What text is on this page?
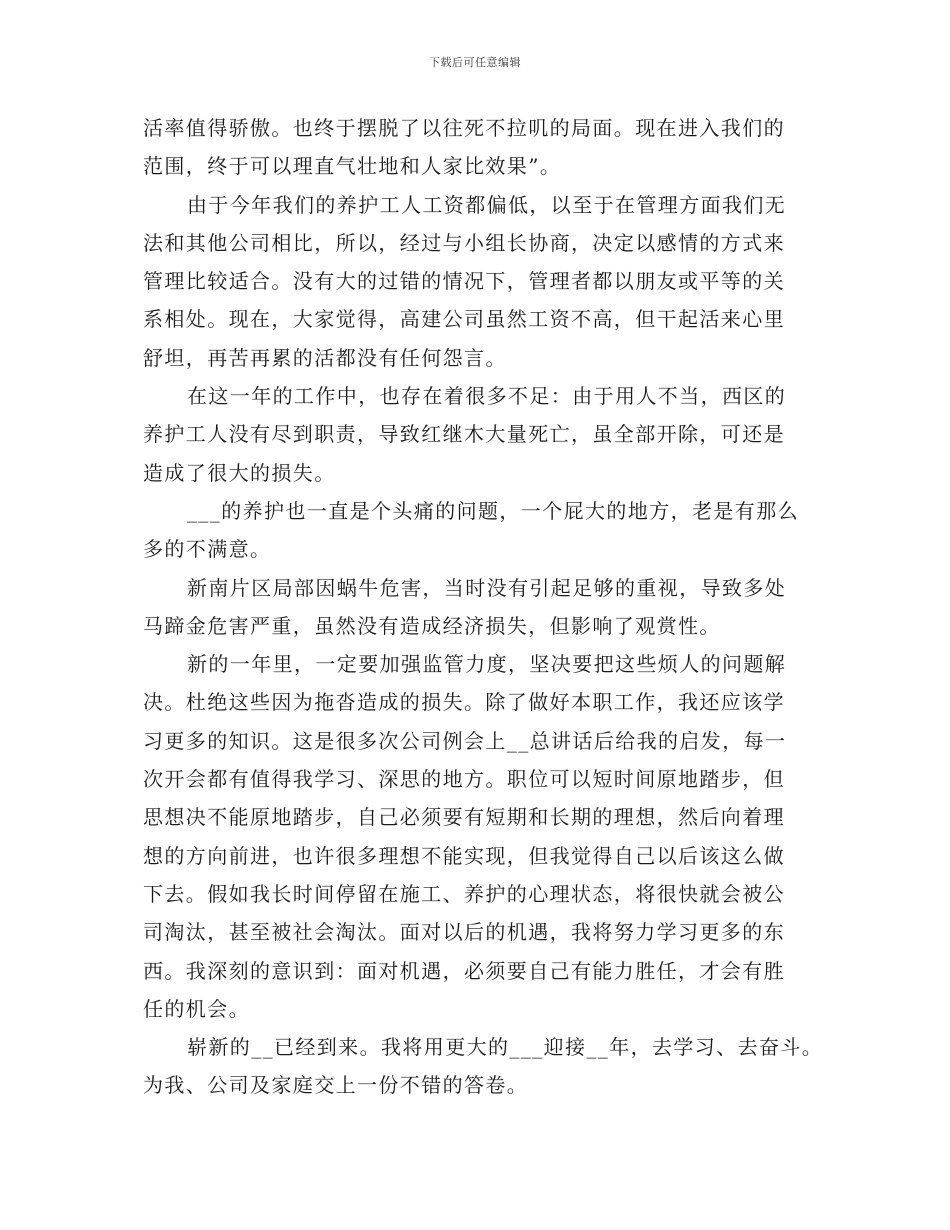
下载后可任意编辑
活率值得骄傲。也终于摆脱了以往死不拉叽的局面。现在进入我们的
范围，终于可以理直气壮地和人家比效果”。
由于今年我们的养护工人工资都偏低，以至于在管理方面我们无
法和其他公司相比，所以，经过与小组长协商，决定以感情的方式来
管理比较适合。没有大的过错的情况下，管理者都以朋友或平等的关
系相处。现在，大家觉得，高建公司虽然工资不高，但干起活来心里
舒坦，再苦再累的活都没有任何怨言。
在这一年的工作中，也存在着很多不足：由于用人不当，西区的
养护工人没有尽到职责，导致红继木大量死亡，虽全部开除，可还是
造成了很大的损失。
___的养护也一直是个头痛的问题，一个屁大的地方，老是有那么
多的不满意。
新南片区局部因蜗牛危害，当时没有引起足够的重视，导致多处
马蹄金危害严重，虽然没有造成经济损失，但影响了观赏性。
新的一年里，一定要加强监管力度，坚决要把这些烦人的问题解
决。杜绝这些因为拖沓造成的损失。除了做好本职工作，我还应该学
习更多的知识。这是很多次公司例会上__总讲话后给我的启发，每一
次开会都有值得我学习、深思的地方。职位可以短时间原地踏步，但
思想决不能原地踏步，自己必须要有短期和长期的理想，然后向着理
想的方向前进，也许很多理想不能实现，但我觉得自己以后该这么做
下去。假如我长时间停留在施工、养护的心理状态，将很快就会被公
司淘汰，甚至被社会淘汰。面对以后的机遇，我将努力学习更多的东
西。我深刻的意识到：面对机遇，必须要自己有能力胜任，才会有胜
任的机会。
崭新的__已经到来。我将用更大的___迎接__年，去学习、去奋斗。
为我、公司及家庭交上一份不错的答卷。
